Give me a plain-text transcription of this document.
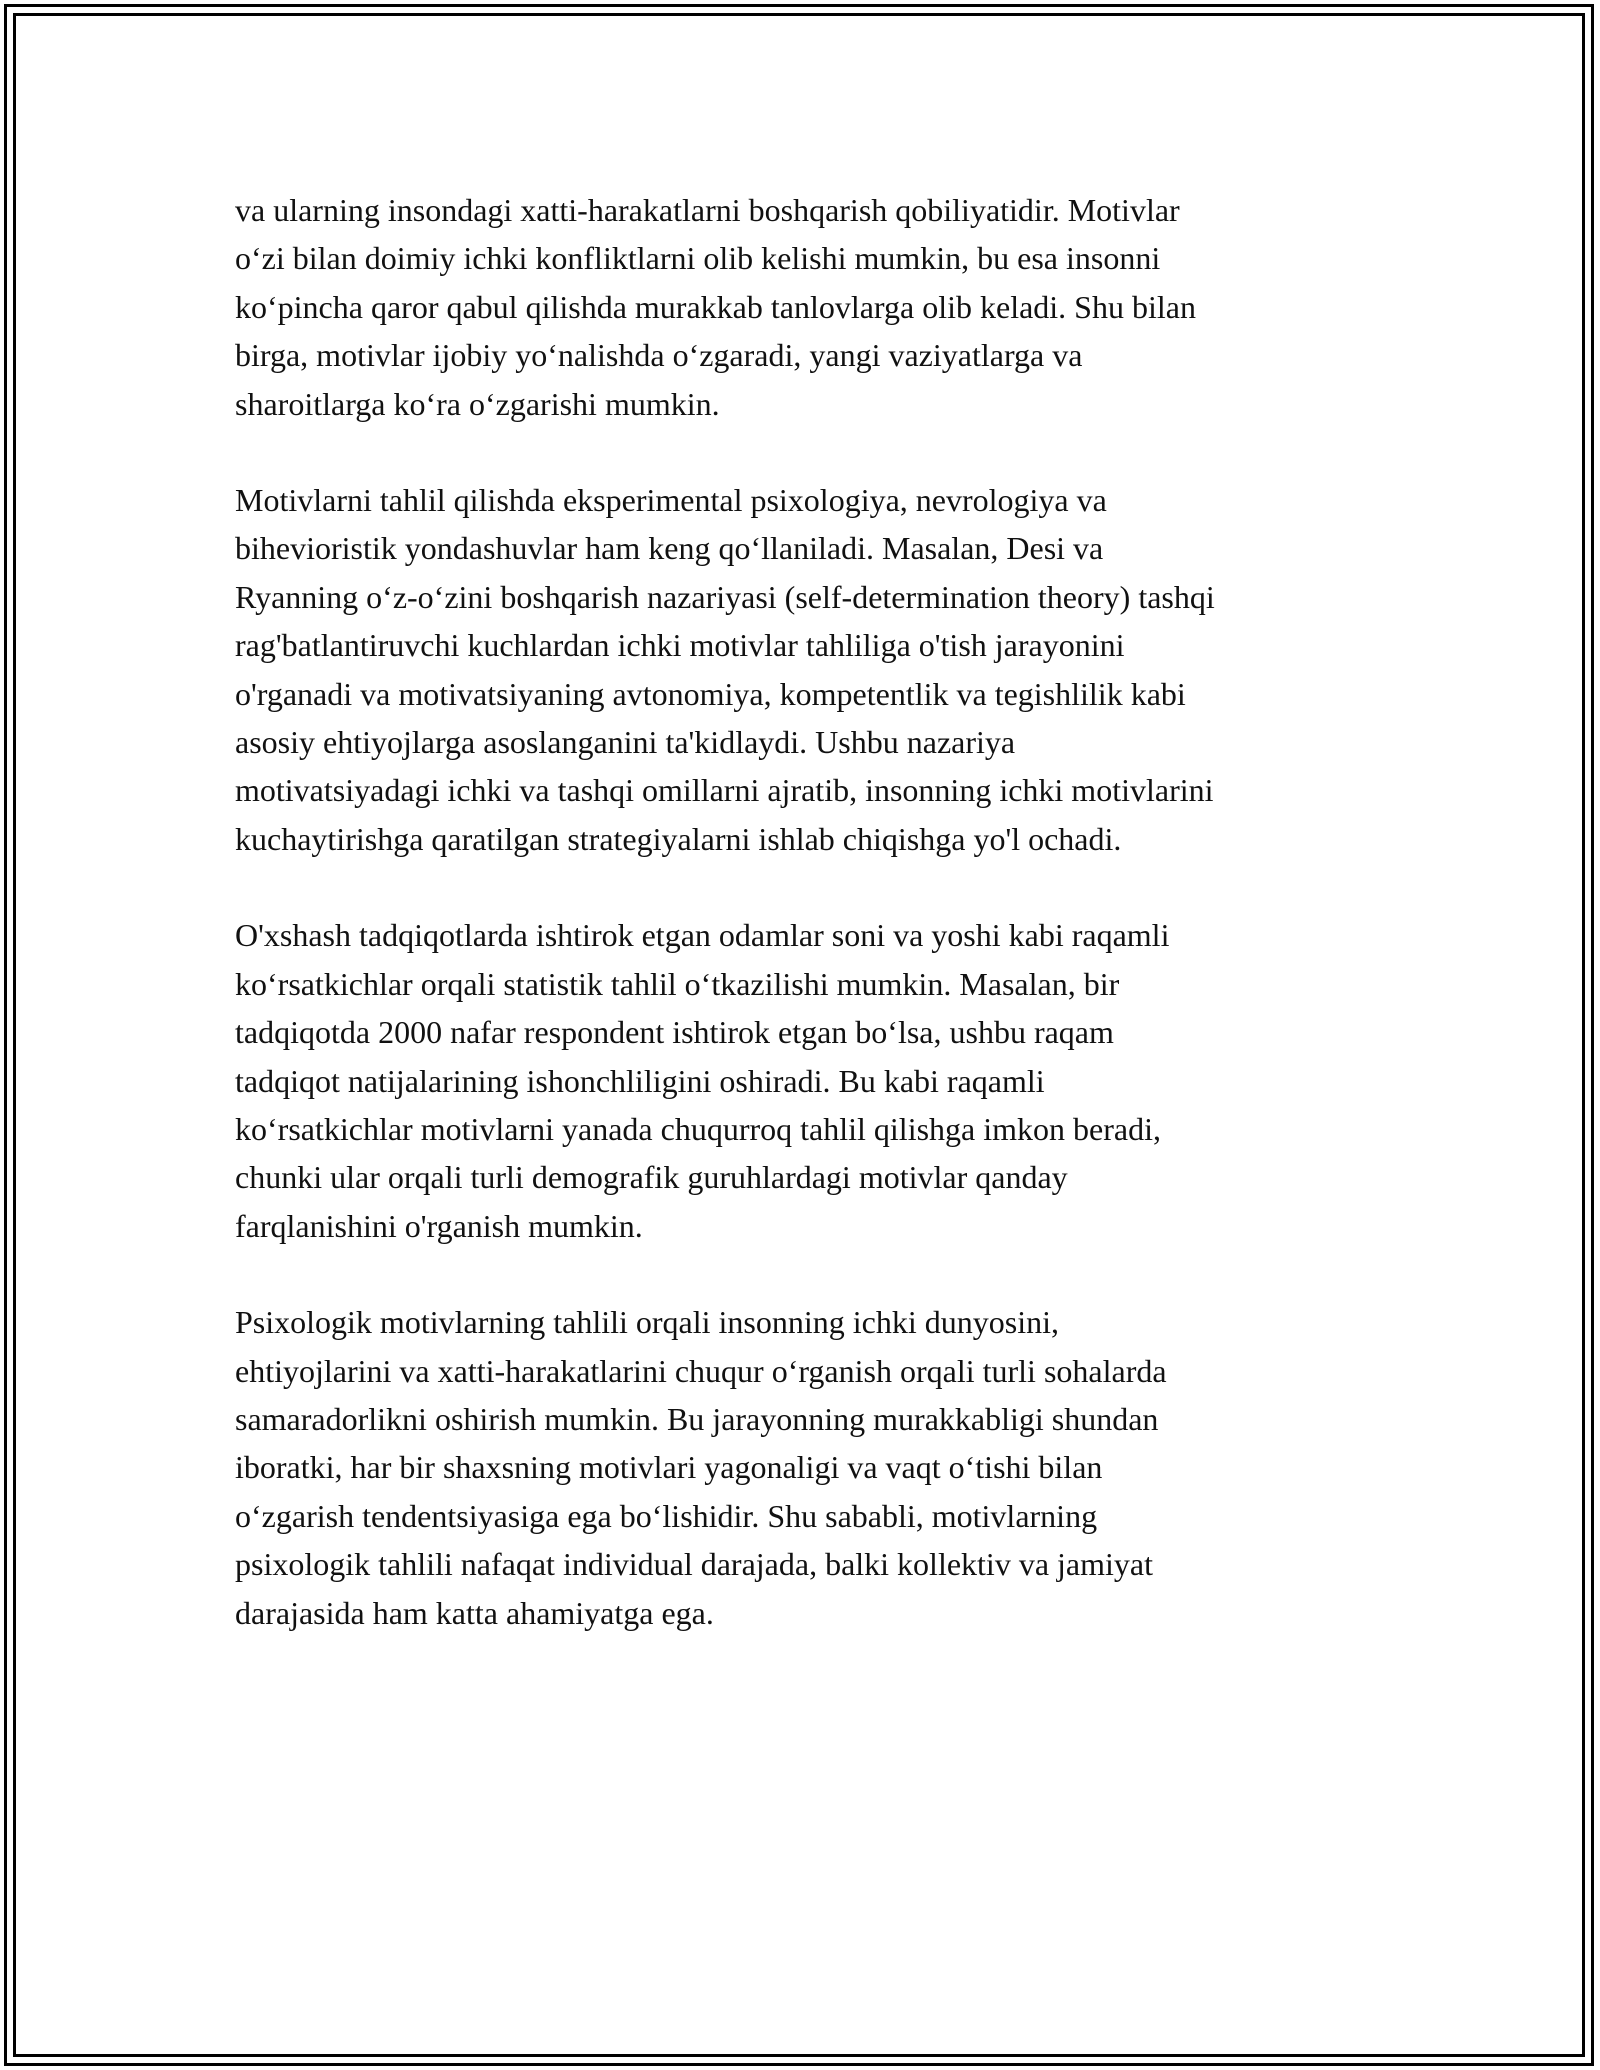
va ularning insondagi xatti-harakatlarni boshqarish qobiliyatidir. Motivlar
o‘zi bilan doimiy ichki konfliktlarni olib kelishi mumkin, bu esa insonni
ko‘pincha qaror qabul qilishda murakkab tanlovlarga olib keladi. Shu bilan
birga, motivlar ijobiy yo‘nalishda o‘zgaradi, yangi vaziyatlarga va
sharoitlarga ko‘ra o‘zgarishi mumkin.

Motivlarni tahlil qilishda eksperimental psixologiya, nevrologiya va
bihevioristik yondashuvlar ham keng qo‘llaniladi. Masalan, Desi va
Ryanning o‘z-o‘zini boshqarish nazariyasi (self-determination theory) tashqi
rag'batlantiruvchi kuchlardan ichki motivlar tahliliga o'tish jarayonini
o'rganadi va motivatsiyaning avtonomiya, kompetentlik va tegishlilik kabi
asosiy ehtiyojlarga asoslanganini ta'kidlaydi. Ushbu nazariya
motivatsiyadagi ichki va tashqi omillarni ajratib, insonning ichki motivlarini
kuchaytirishga qaratilgan strategiyalarni ishlab chiqishga yo'l ochadi.

O'xshash tadqiqotlarda ishtirok etgan odamlar soni va yoshi kabi raqamli
ko‘rsatkichlar orqali statistik tahlil o‘tkazilishi mumkin. Masalan, bir
tadqiqotda 2000 nafar respondent ishtirok etgan bo‘lsa, ushbu raqam
tadqiqot natijalarining ishonchliligini oshiradi. Bu kabi raqamli
ko‘rsatkichlar motivlarni yanada chuqurroq tahlil qilishga imkon beradi,
chunki ular orqali turli demografik guruhlardagi motivlar qanday
farqlanishini o'rganish mumkin.

Psixologik motivlarning tahlili orqali insonning ichki dunyosini,
ehtiyojlarini va xatti-harakatlarini chuqur o‘rganish orqali turli sohalarda
samaradorlikni oshirish mumkin. Bu jarayonning murakkabligi shundan
iboratki, har bir shaxsning motivlari yagonaligi va vaqt o‘tishi bilan
o‘zgarish tendentsiyasiga ega bo‘lishidir. Shu sababli, motivlarning
psixologik tahlili nafaqat individual darajada, balki kollektiv va jamiyat
darajasida ham katta ahamiyatga ega.
